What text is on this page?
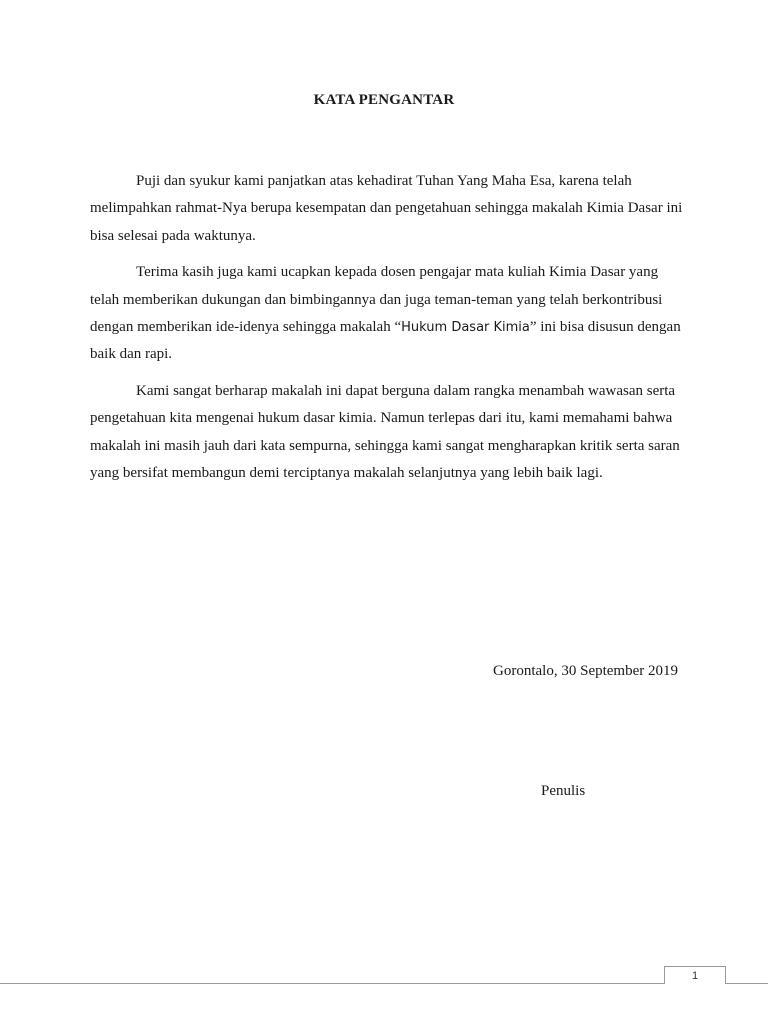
KATA PENGANTAR

Puji dan syukur kami panjatkan atas kehadirat Tuhan Yang Maha Esa, karena telah melimpahkan rahmat-Nya berupa kesempatan dan pengetahuan sehingga makalah Kimia Dasar ini bisa selesai pada waktunya.

Terima kasih juga kami ucapkan kepada dosen pengajar mata kuliah Kimia Dasar yang telah memberikan dukungan dan bimbingannya dan juga teman-teman yang telah berkontribusi dengan memberikan ide-idenya sehingga makalah “Hukum Dasar Kimia” ini bisa disusun dengan baik dan rapi.

Kami sangat berharap makalah ini dapat berguna dalam rangka menambah wawasan serta pengetahuan kita mengenai hukum dasar kimia. Namun terlepas dari itu, kami memahami bahwa makalah ini masih jauh dari kata sempurna, sehingga kami sangat mengharapkan kritik serta saran yang bersifat membangun demi terciptanya makalah selanjutnya yang lebih baik lagi.

Gorontalo, 30 September 2019
Penulis
1
